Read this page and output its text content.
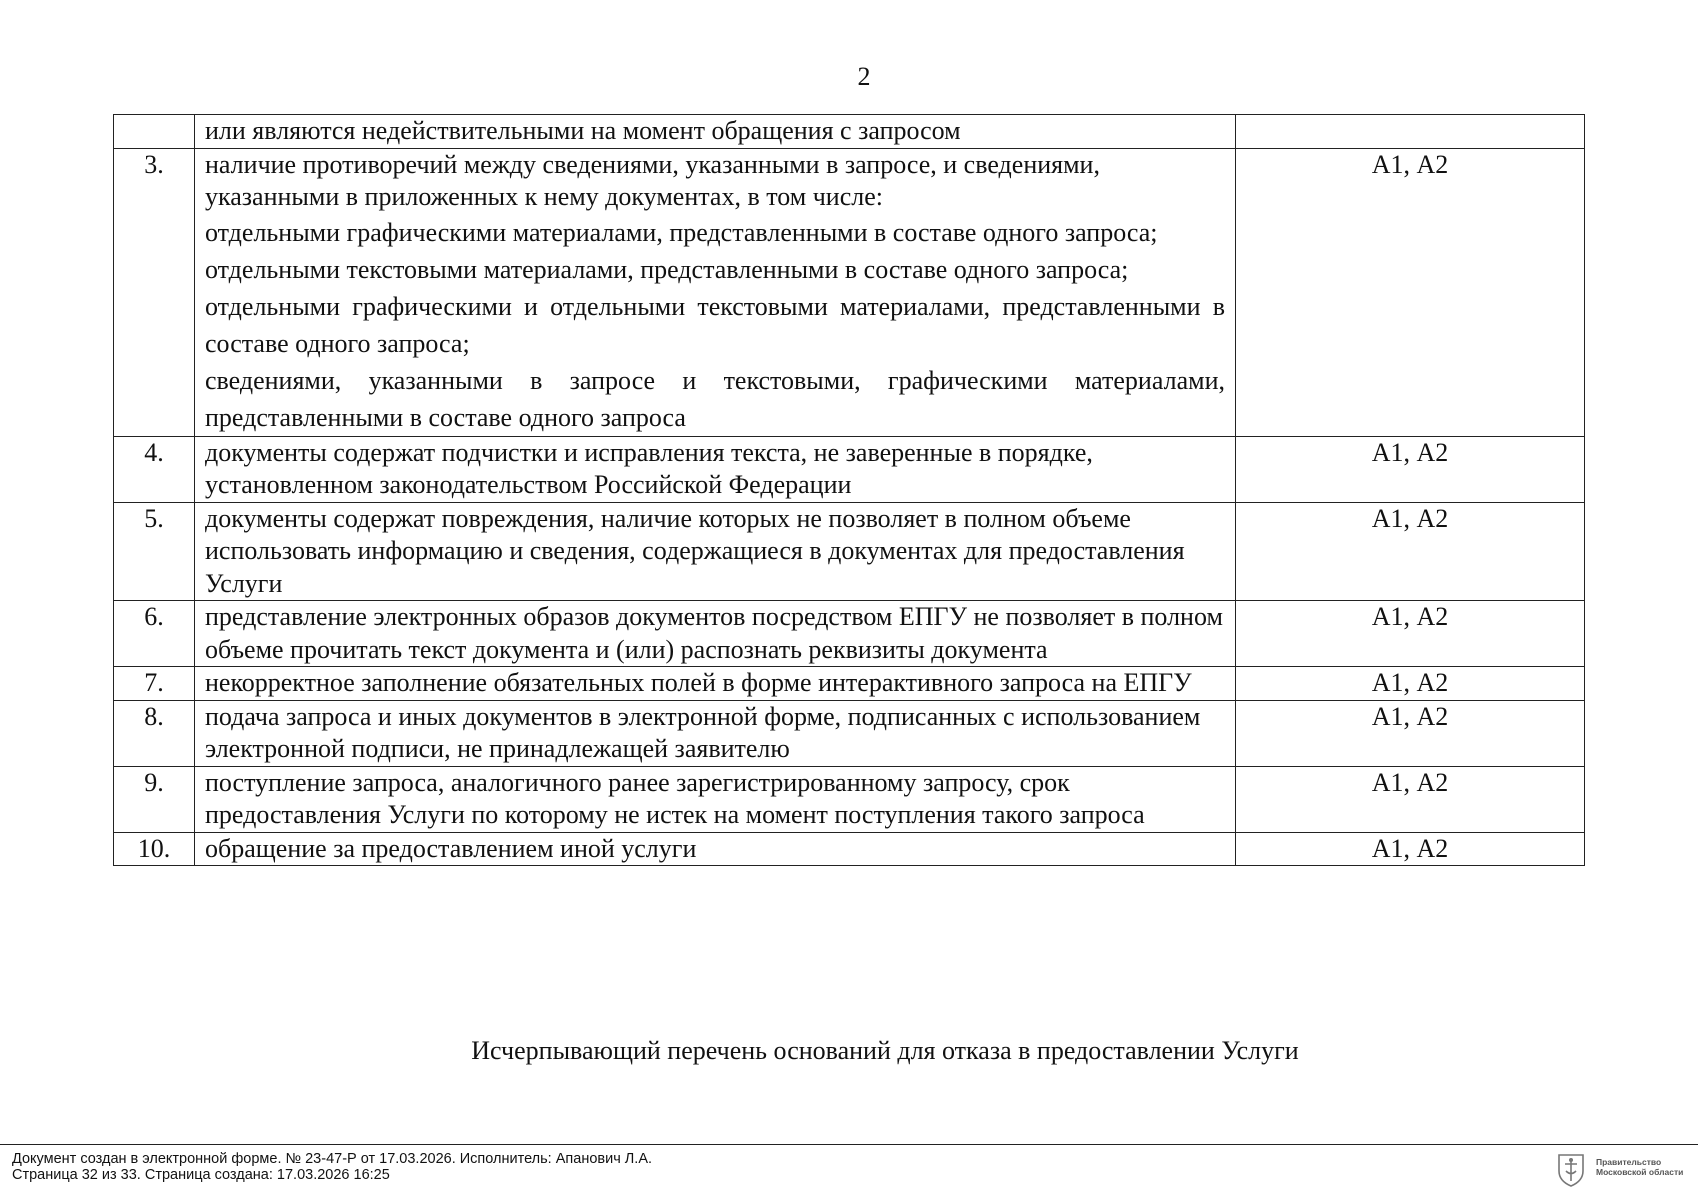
2

	или являются недействительными на момент обращения с запросом	

3.	наличие противоречий между сведениями, указанными в запросе, и сведениями, указанными в приложенных к нему документах, в том числе:
отдельными графическими материалами, представленными в составе одного запроса;
отдельными текстовыми материалами, представленными в составе одного запроса;
отдельными графическими и отдельными текстовыми материалами, представленными в составе одного запроса;
сведениями, указанными в запросе и текстовыми, графическими материалами, представленными в составе одного запроса	А1, А2
4.	документы содержат подчистки и исправления текста, не заверенные в порядке, установленном законодательством Российской Федерации	А1, А2
5.	документы содержат повреждения, наличие которых не позволяет в полном объеме использовать информацию и сведения, содержащиеся в документах для предоставления Услуги	А1, А2
6.	представление электронных образов документов посредством ЕПГУ не позволяет в полном объеме прочитать текст документа и (или) распознать реквизиты документа	А1, А2
7.	некорректное заполнение обязательных полей в форме интерактивного запроса на ЕПГУ	А1, А2
8.	подача запроса и иных документов в электронной форме, подписанных с использованием электронной подписи, не принадлежащей заявителю	А1, А2
9.	поступление запроса, аналогичного ранее зарегистрированному запросу, срок предоставления Услуги по которому не истек на момент поступления такого запроса	А1, А2
10.	обращение за предоставлением иной услуги	А1, А2
Исчерпывающий перечень оснований для отказа в предоставлении Услуги
Документ создан в электронной форме. № 23-47-Р от 17.03.2026. Исполнитель: Апанович Л.А.
Страница 32 из 33. Страница создана: 17.03.2026 16:25
Правительство
Московской области
